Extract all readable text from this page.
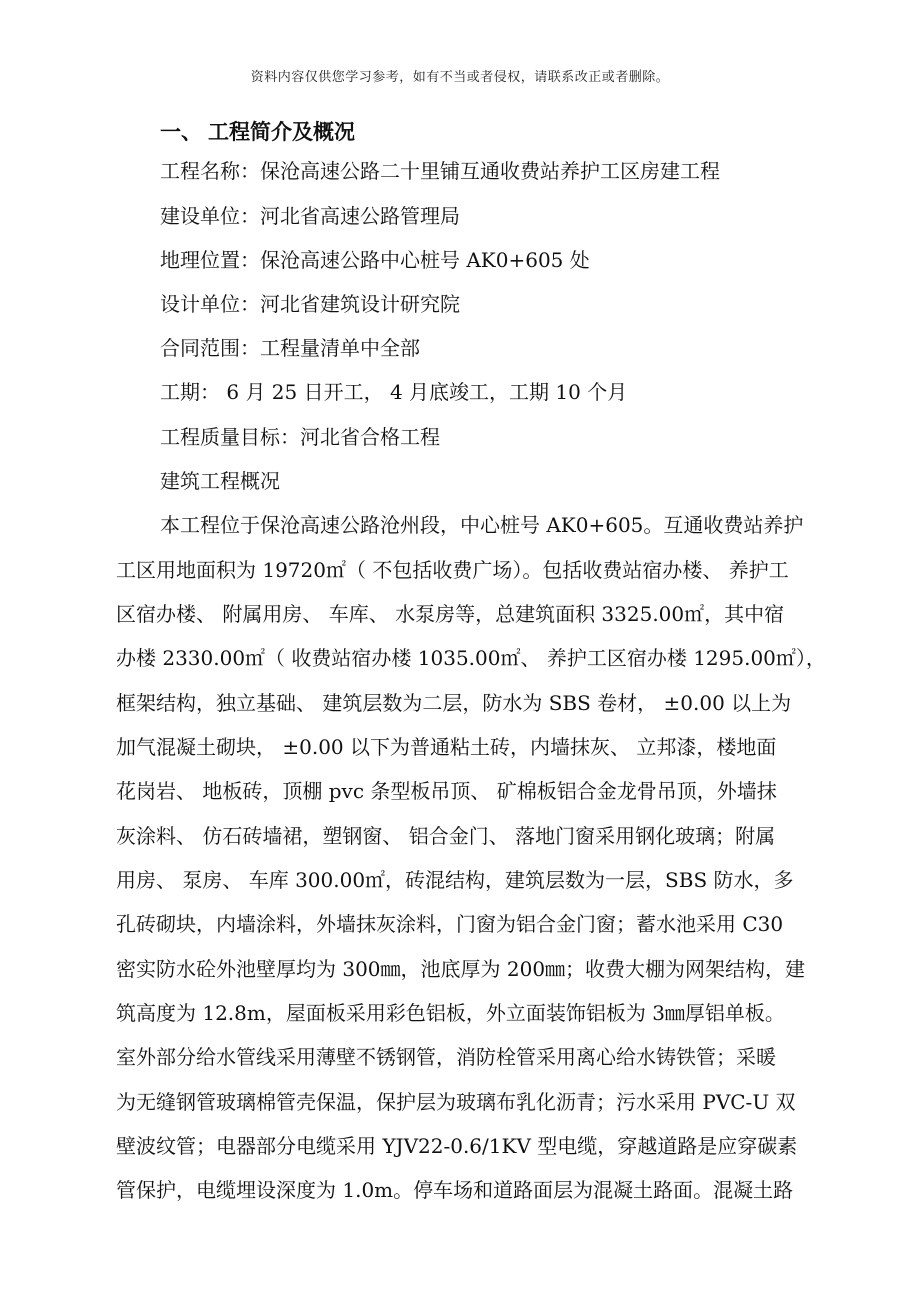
资料内容仅供您学习参考，如有不当或者侵权，请联系改正或者删除。
一、 工程简介及概况
工程名称：保沧高速公路二十里铺互通收费站养护工区房建工程
建设单位：河北省高速公路管理局
地理位置：保沧高速公路中心桩号 AK0+605 处
设计单位：河北省建筑设计研究院
合同范围：工程量清单中全部
工期： 6 月 25 日开工， 4 月底竣工，工期 10 个月
工程质量目标：河北省合格工程
建筑工程概况
本工程位于保沧高速公路沧州段，中心桩号 AK0+605。互通收费站养护
工区用地面积为 19720㎡（ 不包括收费广场）。包括收费站宿办楼、 养护工
区宿办楼、 附属用房、 车库、 水泵房等，总建筑面积 3325.00㎡，其中宿
办楼 2330.00㎡（ 收费站宿办楼 1035.00㎡、 养护工区宿办楼 1295.00㎡），
框架结构，独立基础、 建筑层数为二层，防水为 SBS 卷材， ±0.00 以上为
加气混凝土砌块， ±0.00 以下为普通粘土砖，内墙抹灰、 立邦漆，楼地面
花岗岩、 地板砖，顶棚 pvc 条型板吊顶、 矿棉板铝合金龙骨吊顶，外墙抹
灰涂料、 仿石砖墙裙，塑钢窗、 铝合金门、 落地门窗采用钢化玻璃；附属
用房、 泵房、 车库 300.00㎡，砖混结构，建筑层数为一层，SBS 防水，多
孔砖砌块，内墙涂料，外墙抹灰涂料，门窗为铝合金门窗；蓄水池采用 C30
密实防水砼外池壁厚均为 300㎜，池底厚为 200㎜；收费大棚为网架结构，建
筑高度为 12.8m，屋面板采用彩色铝板，外立面装饰铝板为 3㎜厚铝单板。
室外部分给水管线采用薄壁不锈钢管，消防栓管采用离心给水铸铁管；采暖
为无缝钢管玻璃棉管壳保温，保护层为玻璃布乳化沥青；污水采用 PVC-U 双
壁波纹管；电器部分电缆采用 YJV22-0.6/1KV 型电缆，穿越道路是应穿碳素
管保护，电缆埋设深度为 1.0m。停车场和道路面层为混凝土路面。混凝土路
